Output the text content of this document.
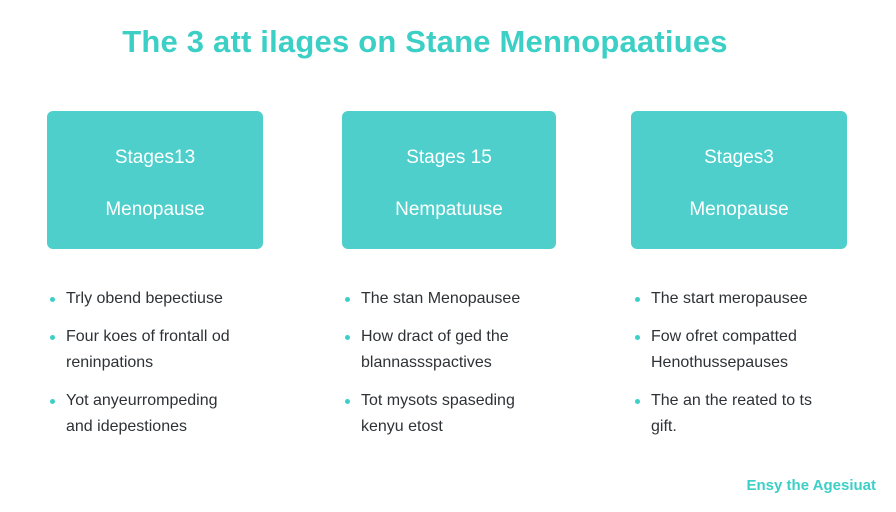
The 3 att ilages on Stane Mennopaatiues
Stages13
Menopause
Stages 15
Nempatuuse
Stages3
Menopause
Trly obend bepectiuse
Four koes of frontall od
reninpations
Yot anyeurrompeding
and idepestiones
The stan Menopausee
How dract of ged the
blannassspactives
Tot mysots spaseding
kenyu etost
The start meropausee
Fow ofret compatted
Henothussepauses
The an the reated to ts
gift.
Ensy the Agesiuat
